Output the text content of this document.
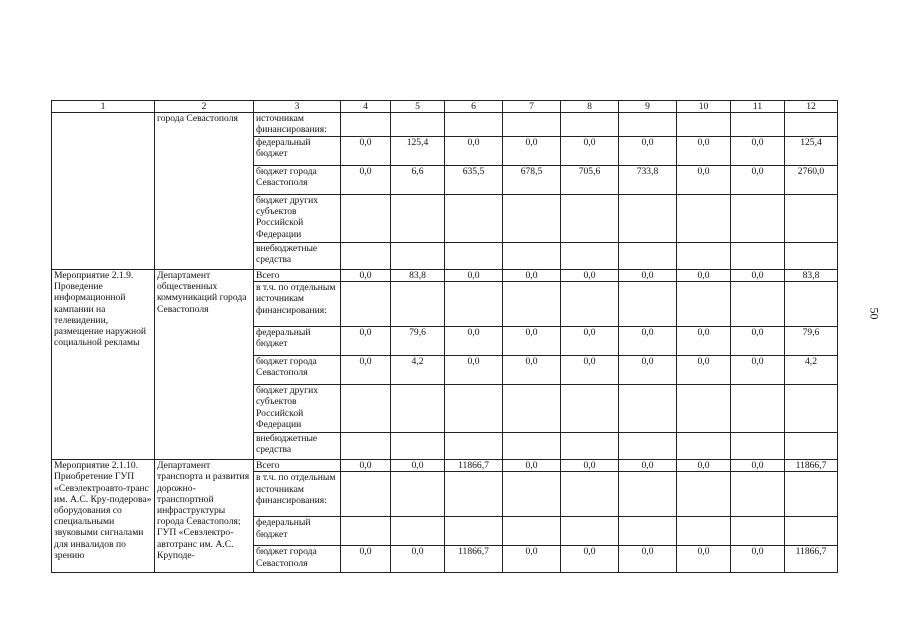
1	2	3	4	5	6	7	8	9	10	11	12
	города Севастополя	источникам финансирования:									
		федеральный бюджет	0,0	125,4	0,0	0,0	0,0	0,0	0,0	0,0	125,4
		бюджет города Севастополя	0,0	6,6	635,5	678,5	705,6	733,8	0,0	0,0	2760,0
		бюджет других субъектов Российской Федерации									
		внебюджетные средства									
Мероприятие 2.1.9. Проведение информационной кампании на телевидении, размещение наружной социальной рекламы	Департамент общественных коммуникаций города Севастополя	Всего	0,0	83,8	0,0	0,0	0,0	0,0	0,0	0,0	83,8
		в т.ч. по отдельным источникам финансирования:									
		федеральный бюджет	0,0	79,6	0,0	0,0	0,0	0,0	0,0	0,0	79,6
		бюджет города Севастополя	0,0	4,2	0,0	0,0	0,0	0,0	0,0	0,0	4,2
		бюджет других субъектов Российской Федерации									
		внебюджетные средства									
Мероприятие 2.1.10. Приобретение ГУП «Севэлектроавто-транс им. А.С. Кру-подерова» оборудования со специальными звуковыми сигналами для инвалидов по зрению	Департамент транспорта и развития дорожно-транспортной инфраструктуры города Севастополя; ГУП «Севэлектро-автотранс им. А.С. Круподе-	Всего	0,0	0,0	11866,7	0,0	0,0	0,0	0,0	0,0	11866,7
		в т.ч. по отдельным источникам финансирования:									
		федеральный бюджет									
		бюджет города Севастополя	0,0	0,0	11866,7	0,0	0,0	0,0	0,0	0,0	11866,7
50
